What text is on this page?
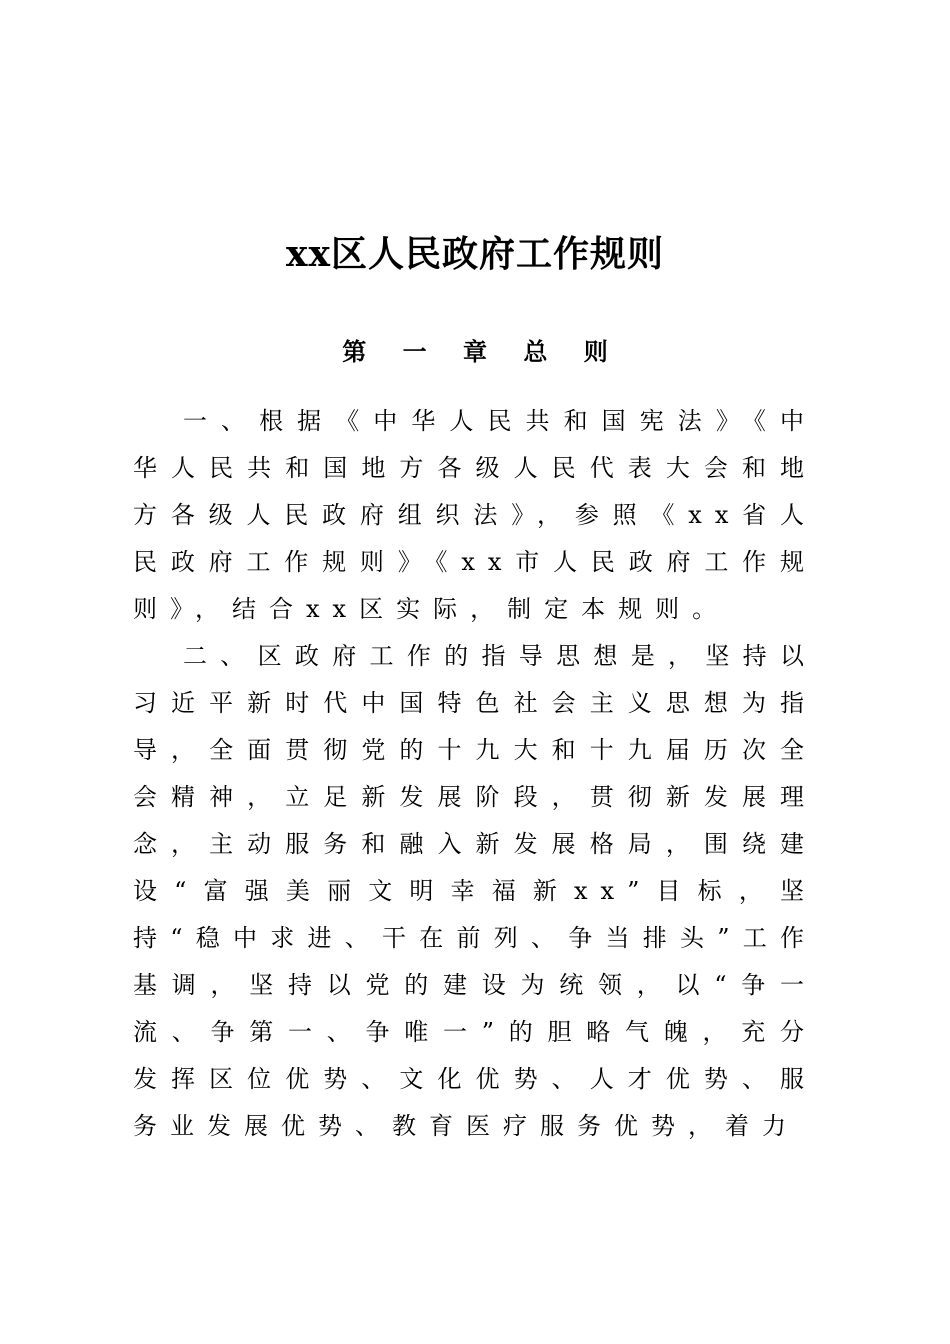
xx区人民政府工作规则
第 一 章 总 则

一、根据《中华人民共和国宪法》《中华人民共和国地方各级人民代表大会和地方各级人民政府组织法》，参照《xx省人民政府工作规则》《xx市人民政府工作规则》，结合xx区实际，制定本规则。

二、区政府工作的指导思想是，坚持以习近平新时代中国特色社会主义思想为指导，全面贯彻党的十九大和十九届历次全会精神，立足新发展阶段，贯彻新发展理念，主动服务和融入新发展格局，围绕建设“富强美丽文明幸福新xx”目标，坚持“稳中求进、干在前列、争当排头”工作基调，坚持以党的建设为统领，以“争一流、争第一、争唯一”的胆略气魄，充分发挥区位优势、文化优势、人才优势、服务业发展优势、教育医疗服务优势，着力
